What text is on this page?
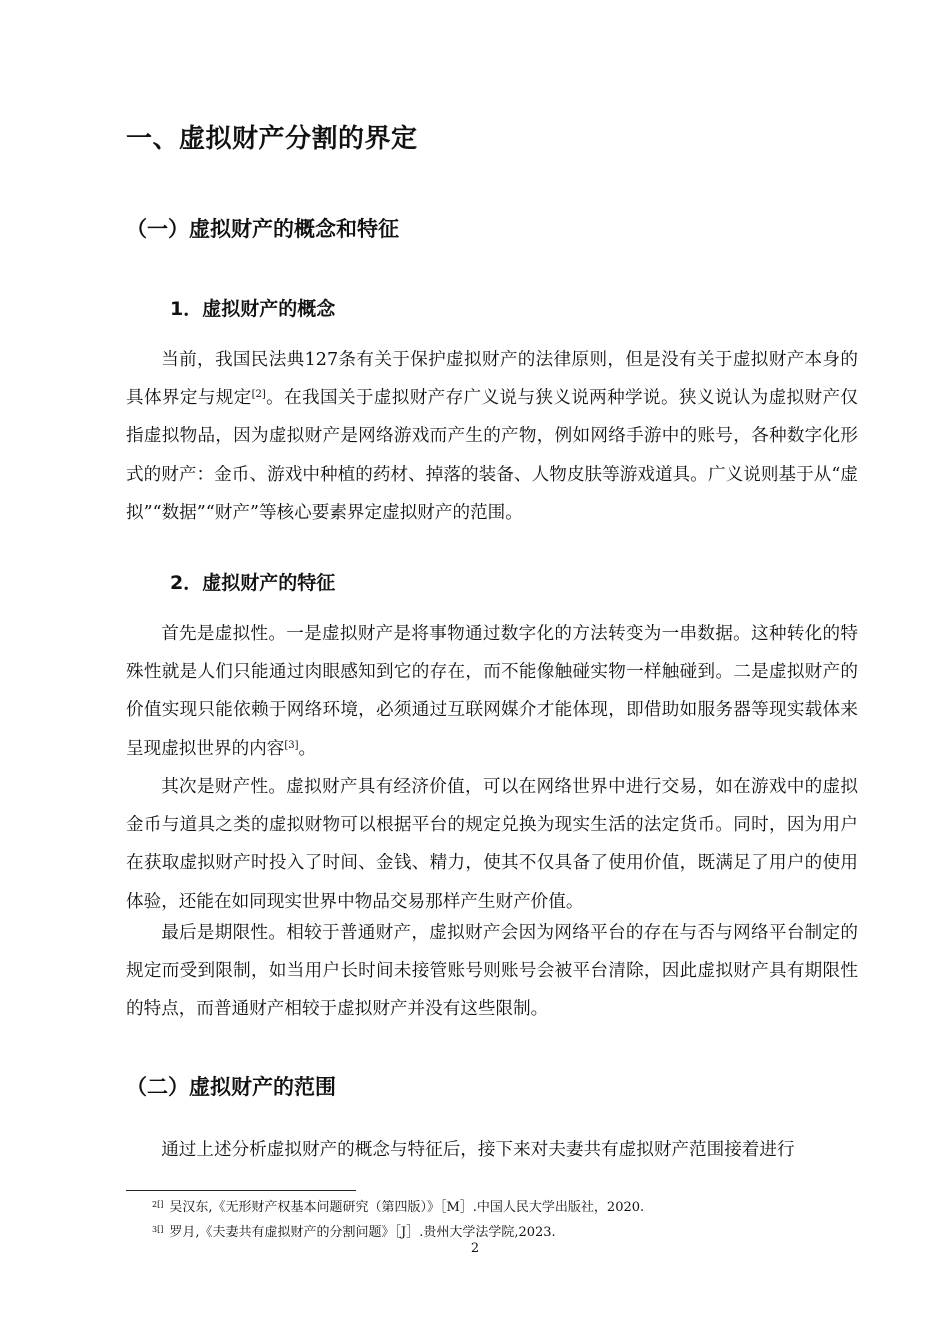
一、虚拟财产分割的界定
（一）虚拟财产的概念和特征
1．虚拟财产的概念

当前，我国民法典127条有关于保护虚拟财产的法律原则，但是没有关于虚拟财产本身的具体界定与规定[2]。在我国关于虚拟财产存广义说与狭义说两种学说。狭义说认为虚拟财产仅指虚拟物品，因为虚拟财产是网络游戏而产生的产物，例如网络手游中的账号，各种数字化形式的财产：金币、游戏中种植的药材、掉落的装备、人物皮肤等游戏道具。广义说则基于从“虚拟”“数据”“财产”等核心要素界定虚拟财产的范围。

2．虚拟财产的特征

首先是虚拟性。一是虚拟财产是将事物通过数字化的方法转变为一串数据。这种转化的特殊性就是人们只能通过肉眼感知到它的存在，而不能像触碰实物一样触碰到。二是虚拟财产的价值实现只能依赖于网络环境，必须通过互联网媒介才能体现，即借助如服务器等现实载体来呈现虚拟世界的内容[3]。

其次是财产性。虚拟财产具有经济价值，可以在网络世界中进行交易，如在游戏中的虚拟金币与道具之类的虚拟财物可以根据平台的规定兑换为现实生活的法定货币。同时，因为用户在获取虚拟财产时投入了时间、金钱、精力，使其不仅具备了使用价值，既满足了用户的使用体验，还能在如同现实世界中物品交易那样产生财产价值。

最后是期限性。相较于普通财产，虚拟财产会因为网络平台的存在与否与网络平台制定的规定而受到限制，如当用户长时间未接管账号则账号会被平台清除，因此虚拟财产具有期限性的特点，而普通财产相较于虚拟财产并没有这些限制。

（二）虚拟财产的范围

通过上述分析虚拟财产的概念与特征后，接下来对夫妻共有虚拟财产范围接着进行

$^{2[]}$ 吴汉东,《无形财产权基本问题研究（第四版）》［M］.中国人民大学出版社，2020.

$^{3[]}$ 罗月,《夫妻共有虚拟财产的分割问题》［J］.贵州大学法学院,2023.

2
